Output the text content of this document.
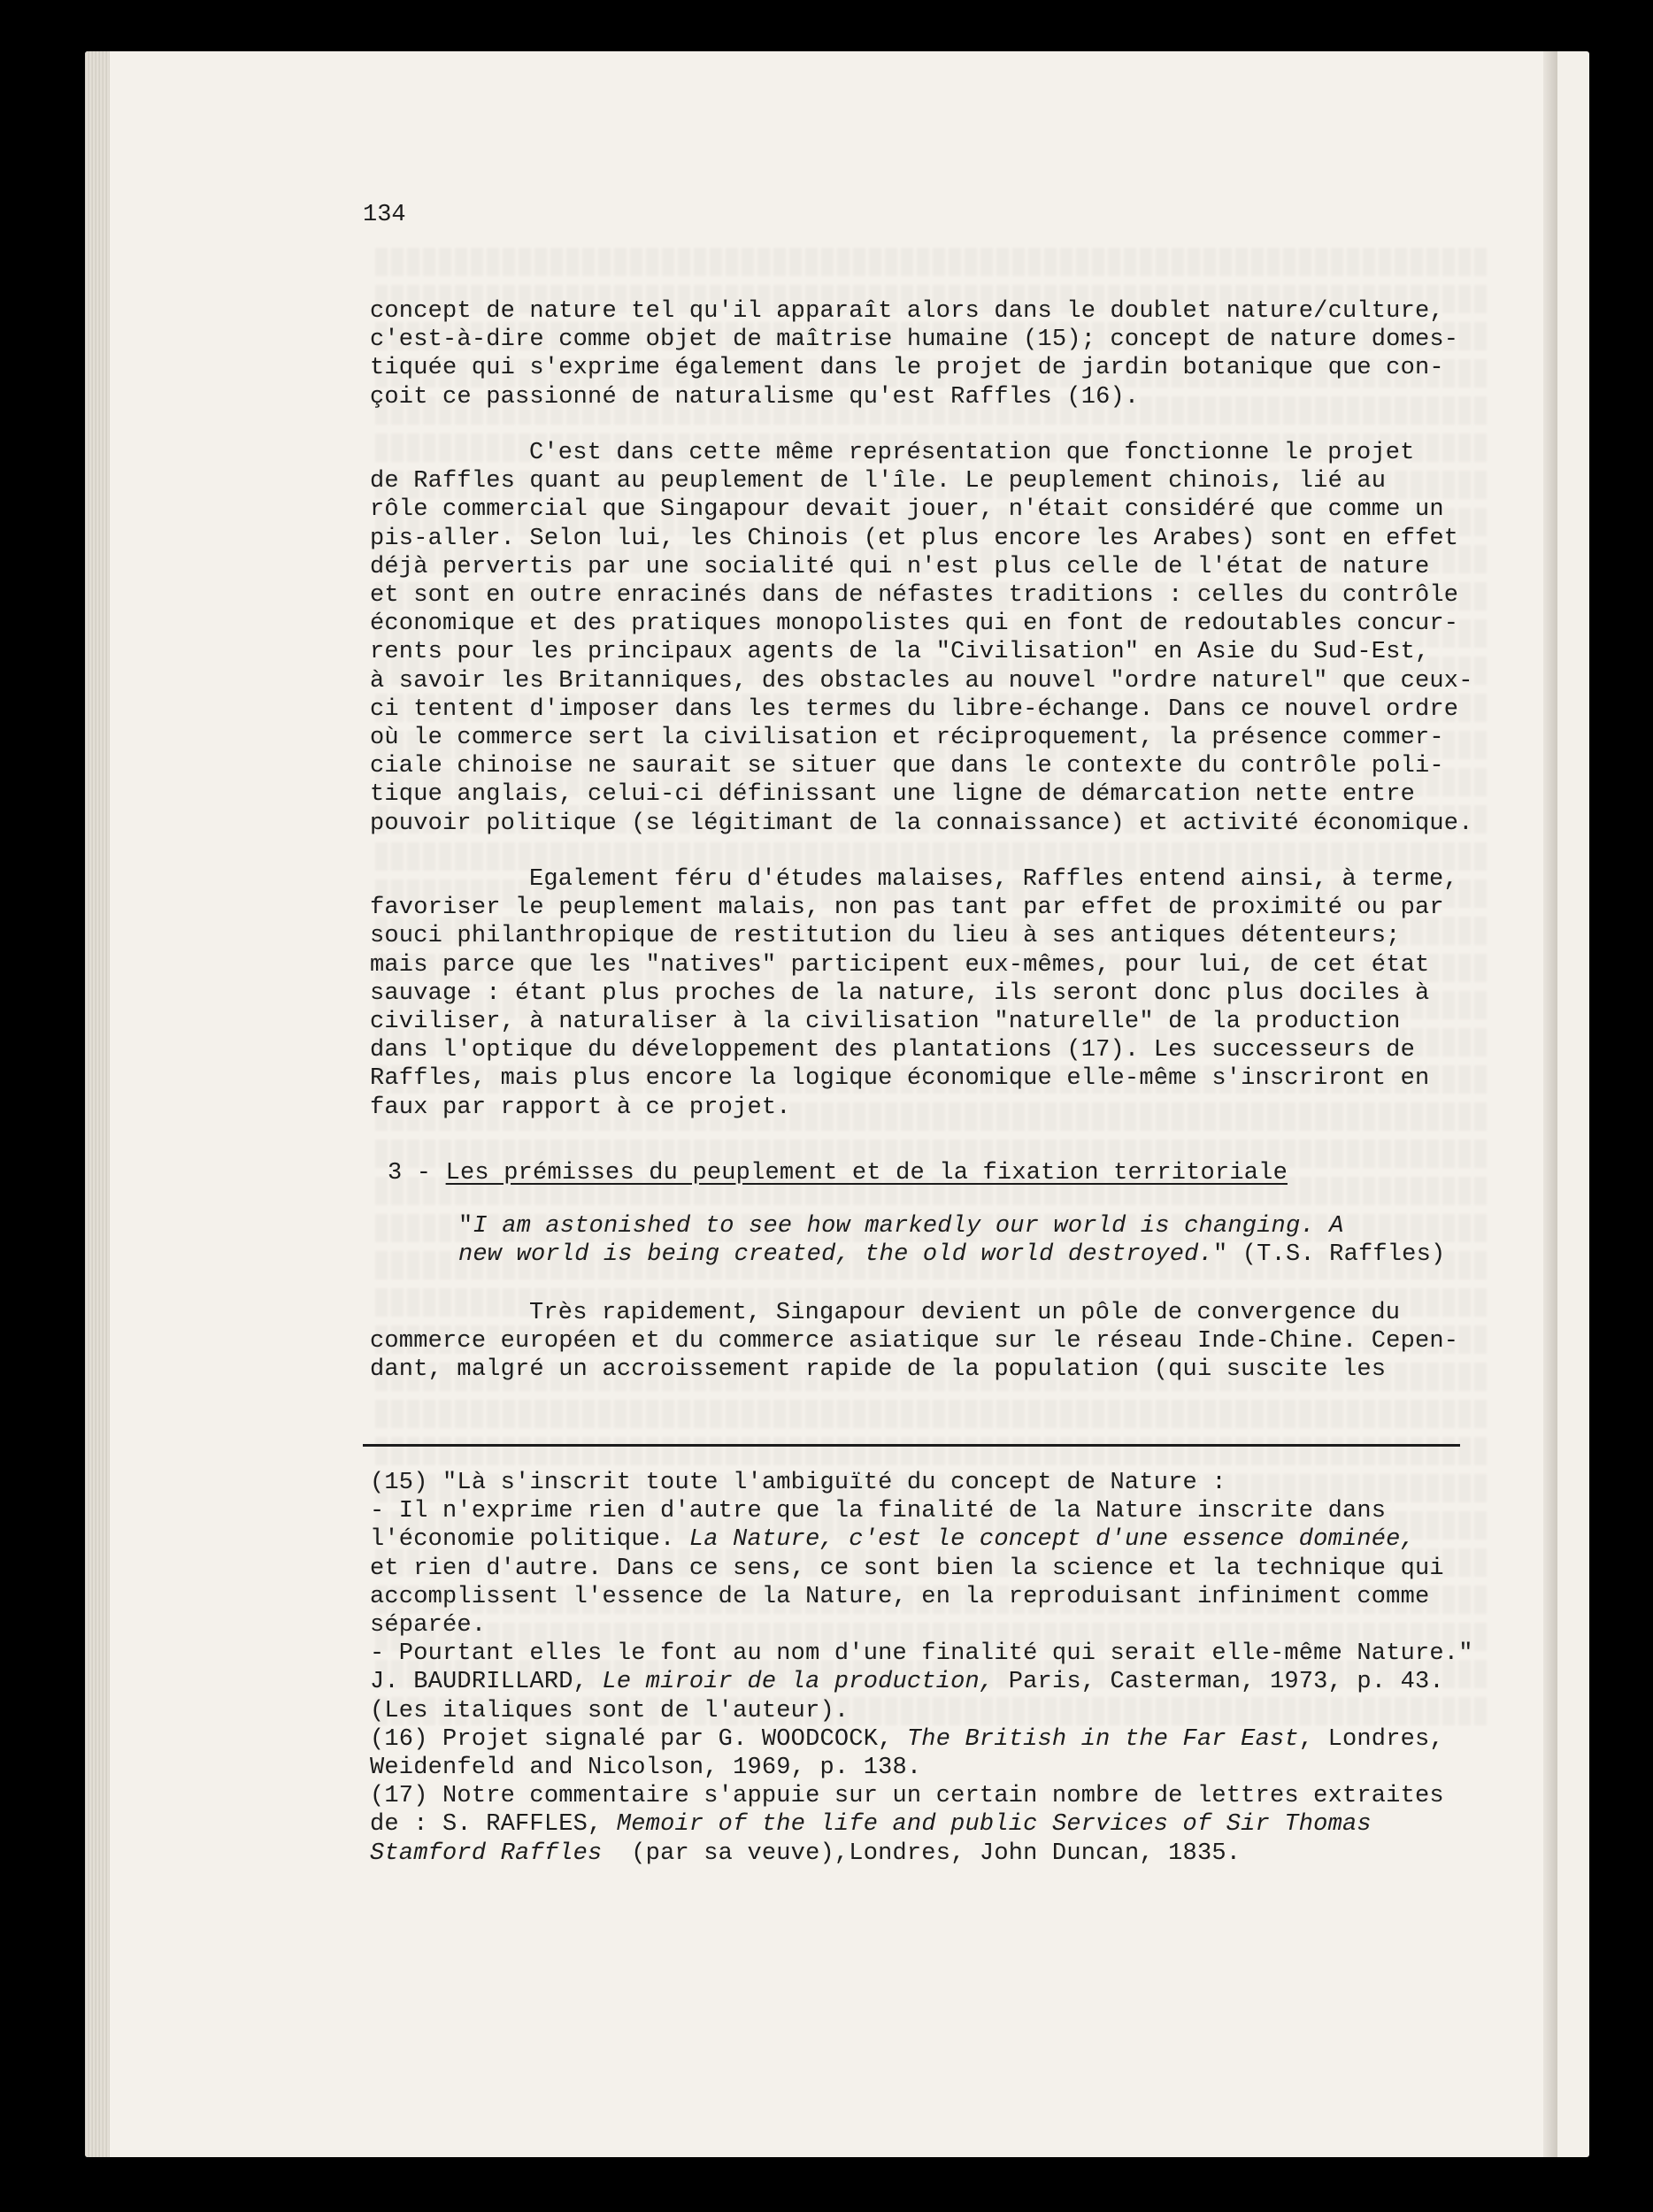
134
concept de nature tel qu'il apparaît alors dans le doublet nature/culture,
c'est-à-dire comme objet de maîtrise humaine (15); concept de nature domes-
tiquée qui s'exprime également dans le projet de jardin botanique que con-
çoit ce passionné de naturalisme qu'est Raffles (16).
C'est dans cette même représentation que fonctionne le projet
de Raffles quant au peuplement de l'île. Le peuplement chinois, lié au
rôle commercial que Singapour devait jouer, n'était considéré que comme un
pis-aller. Selon lui, les Chinois (et plus encore les Arabes) sont en effet
déjà pervertis par une socialité qui n'est plus celle de l'état de nature
et sont en outre enracinés dans de néfastes traditions : celles du contrôle
économique et des pratiques monopolistes qui en font de redoutables concur-
rents pour les principaux agents de la "Civilisation" en Asie du Sud-Est,
à savoir les Britanniques, des obstacles au nouvel "ordre naturel" que ceux-
ci tentent d'imposer dans les termes du libre-échange. Dans ce nouvel ordre
où le commerce sert la civilisation et réciproquement, la présence commer-
ciale chinoise ne saurait se situer que dans le contexte du contrôle poli-
tique anglais, celui-ci définissant une ligne de démarcation nette entre
pouvoir politique (se légitimant de la connaissance) et activité économique.
Egalement féru d'études malaises, Raffles entend ainsi, à terme,
favoriser le peuplement malais, non pas tant par effet de proximité ou par
souci philanthropique de restitution du lieu à ses antiques détenteurs;
mais parce que les "natives" participent eux-mêmes, pour lui, de cet état
sauvage : étant plus proches de la nature, ils seront donc plus dociles à
civiliser, à naturaliser à la civilisation "naturelle" de la production
dans l'optique du développement des plantations (17). Les successeurs de
Raffles, mais plus encore la logique économique elle-même s'inscriront en
faux par rapport à ce projet.
3 - Les prémisses du peuplement et de la fixation territoriale
"I am astonished to see how markedly our world is changing. A
new world is being created, the old world destroyed." (T.S. Raffles)
Très rapidement, Singapour devient un pôle de convergence du
commerce européen et du commerce asiatique sur le réseau Inde-Chine. Cepen-
dant, malgré un accroissement rapide de la population (qui suscite les
(15) "Là s'inscrit toute l'ambiguïté du concept de Nature :
- Il n'exprime rien d'autre que la finalité de la Nature inscrite dans
l'économie politique. La Nature, c'est le concept d'une essence dominée,
et rien d'autre. Dans ce sens, ce sont bien la science et la technique qui
accomplissent l'essence de la Nature, en la reproduisant infiniment comme
séparée.
- Pourtant elles le font au nom d'une finalité qui serait elle-même Nature."
J. BAUDRILLARD, Le miroir de la production, Paris, Casterman, 1973, p. 43.
(Les italiques sont de l'auteur).
(16) Projet signalé par G. WOODCOCK, The British in the Far East, Londres,
Weidenfeld and Nicolson, 1969, p. 138.
(17) Notre commentaire s'appuie sur un certain nombre de lettres extraites
de : S. RAFFLES, Memoir of the life and public Services of Sir Thomas
Stamford Raffles  (par sa veuve),Londres, John Duncan, 1835.
